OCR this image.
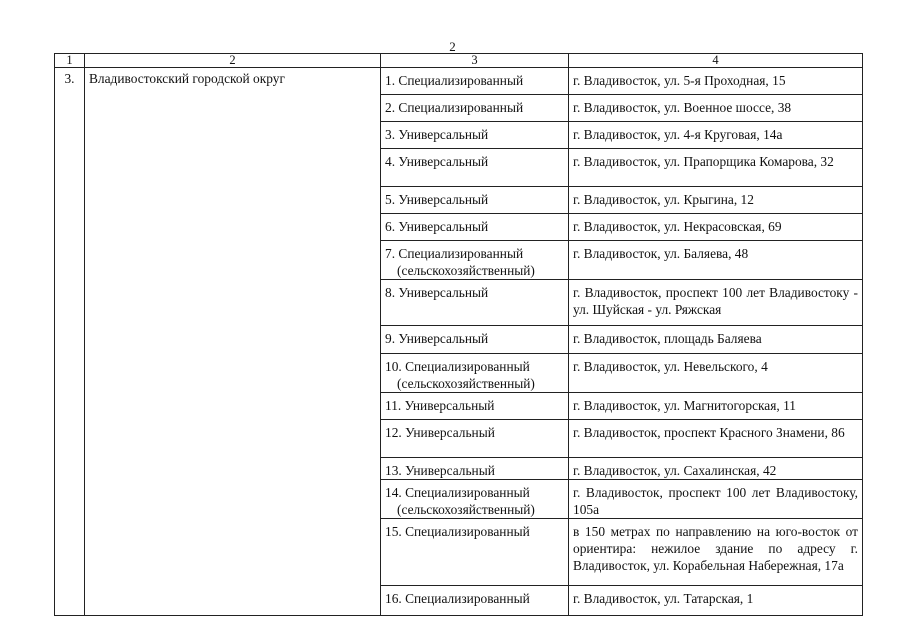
2
1	2	3	4
3.	Владивостокский городской округ	1. Специализированный	г. Владивосток, ул. 5-я Проходная, 15

		2. Специализированный	г. Владивосток, ул. Военное шоссе, 38

		3. Универсальный	г. Владивосток, ул. 4-я Круговая, 14а

		4. Универсальный	г. Владивосток, ул. Прапорщика Комарова, 32

		5. Универсальный	г. Владивосток, ул. Крыгина, 12

		6. Универсальный	г. Владивосток, ул. Некрасовская, 69

		7. Специализированный
(сельскохозяйственный)	г. Владивосток, ул. Баляева, 48

		8. Универсальный	г. Владивосток, проспект 100 лет Владивостоку - ул. Шуйская - ул. Ряжская

		9. Универсальный	г. Владивосток, площадь Баляева

		10. Специализированный
(сельскохозяйственный)	г. Владивосток, ул. Невельского, 4

		11. Универсальный	г. Владивосток, ул. Магнитогорская, 11

		12. Универсальный	г. Владивосток, проспект Красного Знамени, 86

		13. Универсальный	г. Владивосток, ул. Сахалинская, 42

		14. Специализированный
(сельскохозяйственный)	г. Владивосток, проспект 100 лет Владивостоку, 105а

		15. Специализированный	в 150 метрах по направлению на юго-восток от ориентира: нежилое здание по адресу г. Владивосток, ул. Корабельная Набережная, 17а

		16. Специализированный	г. Владивосток, ул. Татарская, 1
